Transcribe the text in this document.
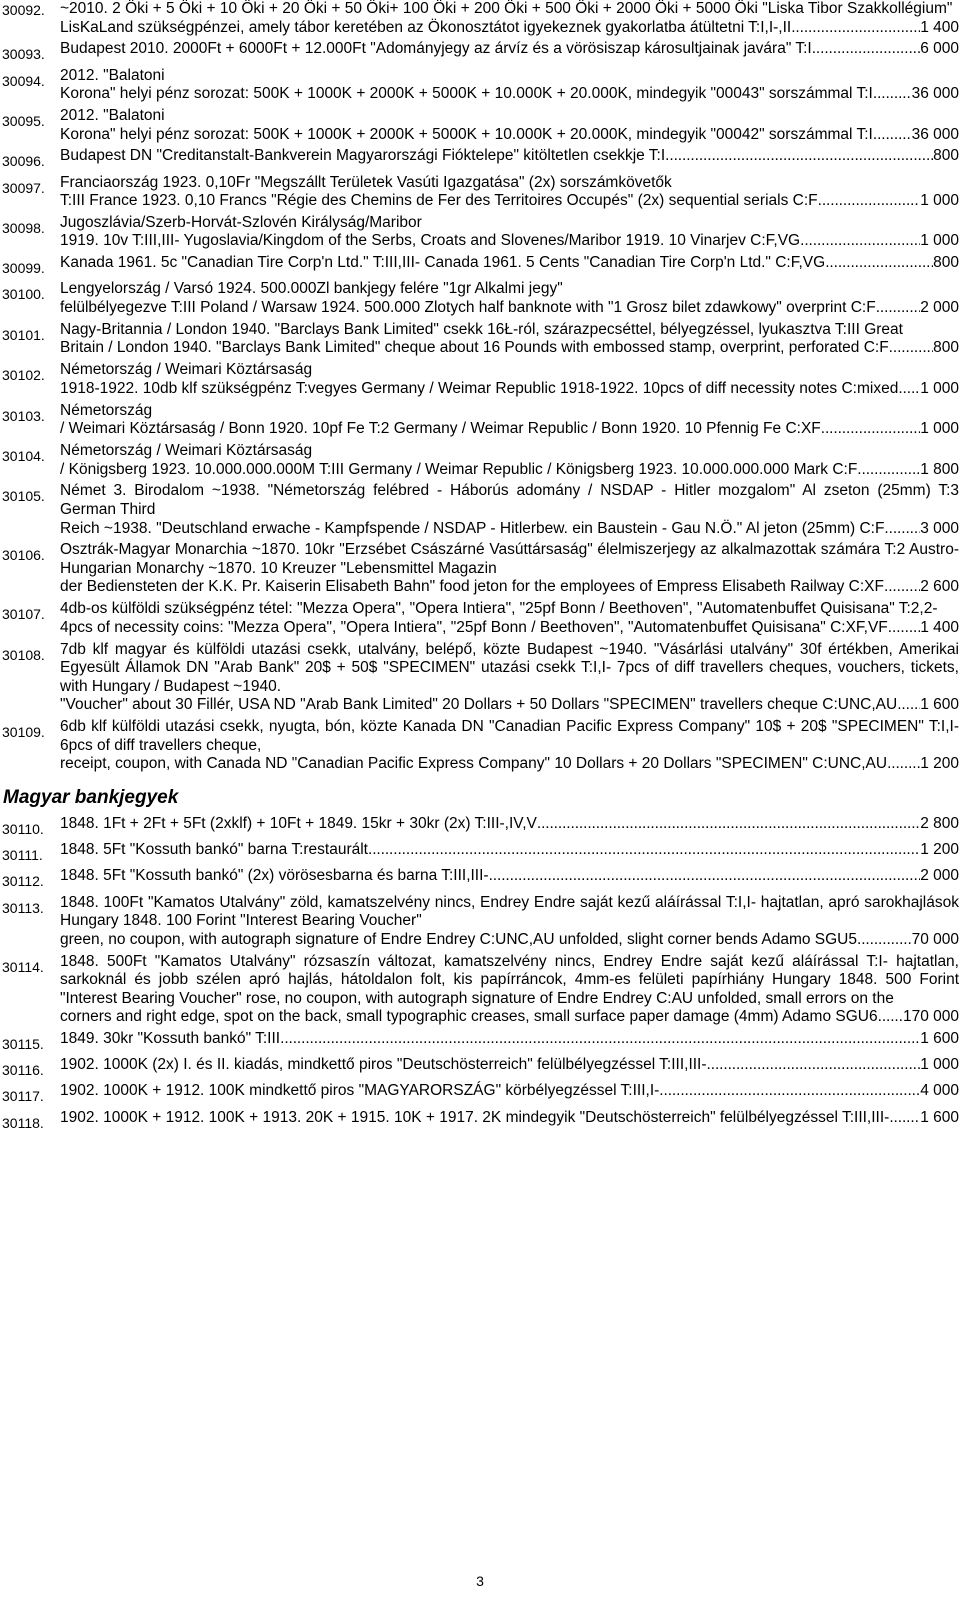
30092. ~2010. 2 Öki + 5 Öki + 10 Öki + 20 Öki + 50 Öki+ 100 Öki + 200 Öki + 500 Öki + 2000 Öki + 5000 Öki "Liska Tibor Szakkollégium"
LisKaLand szükségpénzei, amely tábor keretében az Ökonosztátot igyekeznek gyakorlatba átültetni T:I,I-,II .....	1 400
30093. Budapest 2010. 2000Ft + 6000Ft + 12.000Ft "Adományjegy az árvíz és a vörösiszap károsultjainak javára" T:I .....	6 000
30094. 2012. "Balatoni
Korona" helyi pénz sorozat: 500K + 1000K + 2000K + 5000K + 10.000K + 20.000K, mindegyik "00043" sorszámmal T:I ..... 36 000
30095. 2012. "Balatoni
Korona" helyi pénz sorozat: 500K + 1000K + 2000K + 5000K + 10.000K + 20.000K, mindegyik "00042" sorszámmal T:I ..... 36 000
30096. Budapest DN "Creditanstalt-Bankverein Magyarországi Fióktelepe" kitöltetlen csekkje T:I .....	800
30097. Franciaország 1923. 0,10Fr "Megszállt Területek Vasúti Igazgatása" (2x) sorszámkövetők
T:III France 1923. 0,10 Francs "Régie des Chemins de Fer des Territoires Occupés" (2x) sequential serials C:F .....	1 000
30098. Jugoszlávia/Szerb-Horvát-Szlovén Királyság/Maribor
1919. 10v T:III,III- Yugoslavia/Kingdom of the Serbs, Croats and Slovenes/Maribor 1919. 10 Vinarjev C:F,VG .....	1 000
30099. Kanada 1961. 5c "Canadian Tire Corp'n Ltd." T:III,III- Canada 1961. 5 Cents "Canadian Tire Corp'n Ltd." C:F,VG .....	800
30100. Lengyelország / Varsó 1924. 500.000Zl bankjegy felére "1gr Alkalmi jegy"
felülbélyegezve T:III Poland / Warsaw 1924. 500.000 Zlotych half banknote with "1 Grosz bilet zdawkowy" overprint C:F .....	2 000
30101. Nagy-Britannia / London 1940. "Barclays Bank Limited" csekk 16Ł-ról, szárazpecséttel, bélyegzéssel, lyukasztva T:III Great
Britain / London 1940. "Barclays Bank Limited" cheque about 16 Pounds with embossed stamp, overprint, perforated C:F .....	800
30102. Németország / Weimari Köztársaság
1918-1922. 10db klf szükségpénz T:vegyes Germany / Weimar Republic 1918-1922. 10pcs of diff necessity notes C:mixed ..... 1 000
30103. Németország
/ Weimari Köztársaság / Bonn 1920. 10pf Fe T:2 Germany / Weimar Republic / Bonn 1920. 10 Pfennig Fe C:XF .....	1 000
30104. Németország / Weimari Köztársaság
/ Königsberg 1923. 10.000.000.000M T:III Germany / Weimar Republic / Königsberg 1923. 10.000.000.000 Mark C:F .....	1 800
30105. Német 3. Birodalom ~1938. "Németország felébred - Háborús adomány / NSDAP - Hitler mozgalom" Al zseton (25mm) T:3 German Third
Reich ~1938. "Deutschland erwache - Kampfspende / NSDAP - Hitlerbew. ein Baustein - Gau N.Ö." Al jeton (25mm) C:F ..... 3 000
30106. Osztrák-Magyar Monarchia ~1870. 10kr "Erzsébet Császárné Vasúttársaság" élelmiszerjegy az alkalmazottak számára T:2 Austro-Hungarian Monarchy ~1870. 10 Kreuzer "Lebensmittel Magazin
der Bediensteten der K.K. Pr. Kaiserin Elisabeth Bahn" food jeton for the employees of Empress Elisabeth Railway C:XF ..... 2 600
30107. 4db-os külföldi szükségpénz tétel: "Mezza Opera", "Opera Intiera", "25pf Bonn / Beethoven", "Automatenbuffet Quisisana" T:2,2-
4pcs of necessity coins: "Mezza Opera", "Opera Intiera", "25pf Bonn / Beethoven", "Automatenbuffet Quisisana" C:XF,VF ..... 1 400
30108. 7db klf magyar és külföldi utazási csekk, utalvány, belépő, közte Budapest ~1940. "Vásárlási utalvány" 30f értékben, Amerikai Egyesült Államok DN "Arab Bank" 20$ + 50$ "SPECIMEN" utazási csekk T:I,I- 7pcs of diff travellers cheques, vouchers, tickets, with Hungary / Budapest ~1940.
"Voucher" about 30 Fillér, USA ND "Arab Bank Limited" 20 Dollars + 50 Dollars "SPECIMEN" travellers cheque C:UNC,AU ..... 1 600
30109. 6db klf külföldi utazási csekk, nyugta, bón, közte Kanada DN "Canadian Pacific Express Company" 10$ + 20$ "SPECIMEN" T:I,I- 6pcs of diff travellers cheque,
receipt, coupon, with Canada ND "Canadian Pacific Express Company" 10 Dollars + 20 Dollars "SPECIMEN" C:UNC,AU ..... 1 200
Magyar bankjegyek
30110.	1848. 1Ft + 2Ft + 5Ft (2xklf) + 10Ft + 1849. 15kr + 30kr (2x) T:III-,IV,V .....	2 800
30111.	1848. 5Ft "Kossuth bankó" barna T:restaurált .....	1 200
30112.	1848. 5Ft "Kossuth bankó" (2x) vörösesbarna és barna T:III,III- .....	2 000
30113.	1848. 100Ft "Kamatos Utalvány" zöld, kamatszelvény nincs, Endrey Endre saját kezű aláírással T:I,I- hajtatlan, apró sarokhajlások Hungary 1848. 100 Forint "Interest Bearing Voucher"
green, no coupon, with autograph signature of Endre Endrey C:UNC,AU unfolded, slight corner bends Adamo SGU5 .....	70 000
30114.	1848. 500Ft "Kamatos Utalvány" rózsaszín változat, kamatszelvény nincs, Endrey Endre saját kezű aláírással T:I- hajtatlan, sarkoknál és jobb szélen apró hajlás, hátoldalon folt, kis papírráncok, 4mm-es felületi papírhiány Hungary 1848. 500 Forint "Interest Bearing Voucher" rose, no coupon, with autograph signature of Endre Endrey C:AU unfolded, small errors on the
corners and right edge, spot on the back, small typographic creases, small surface paper damage (4mm) Adamo SGU6 ..... 170 000
30115.	1849. 30kr "Kossuth bankó" T:III .....	1 600
30116.	1902. 1000K (2x) I. és II. kiadás, mindkettő piros "Deutschösterreich" felülbélyegzéssel T:III,III- .....	1 000
30117.	1902. 1000K + 1912. 100K mindkettő piros "MAGYARORSZÁG" körbélyegzéssel T:III,I- .....	4 000
30118.	1902. 1000K + 1912. 100K + 1913. 20K + 1915. 10K + 1917. 2K mindegyik "Deutschösterreich" felülbélyegzéssel T:III,III- ..... 1 600
3
